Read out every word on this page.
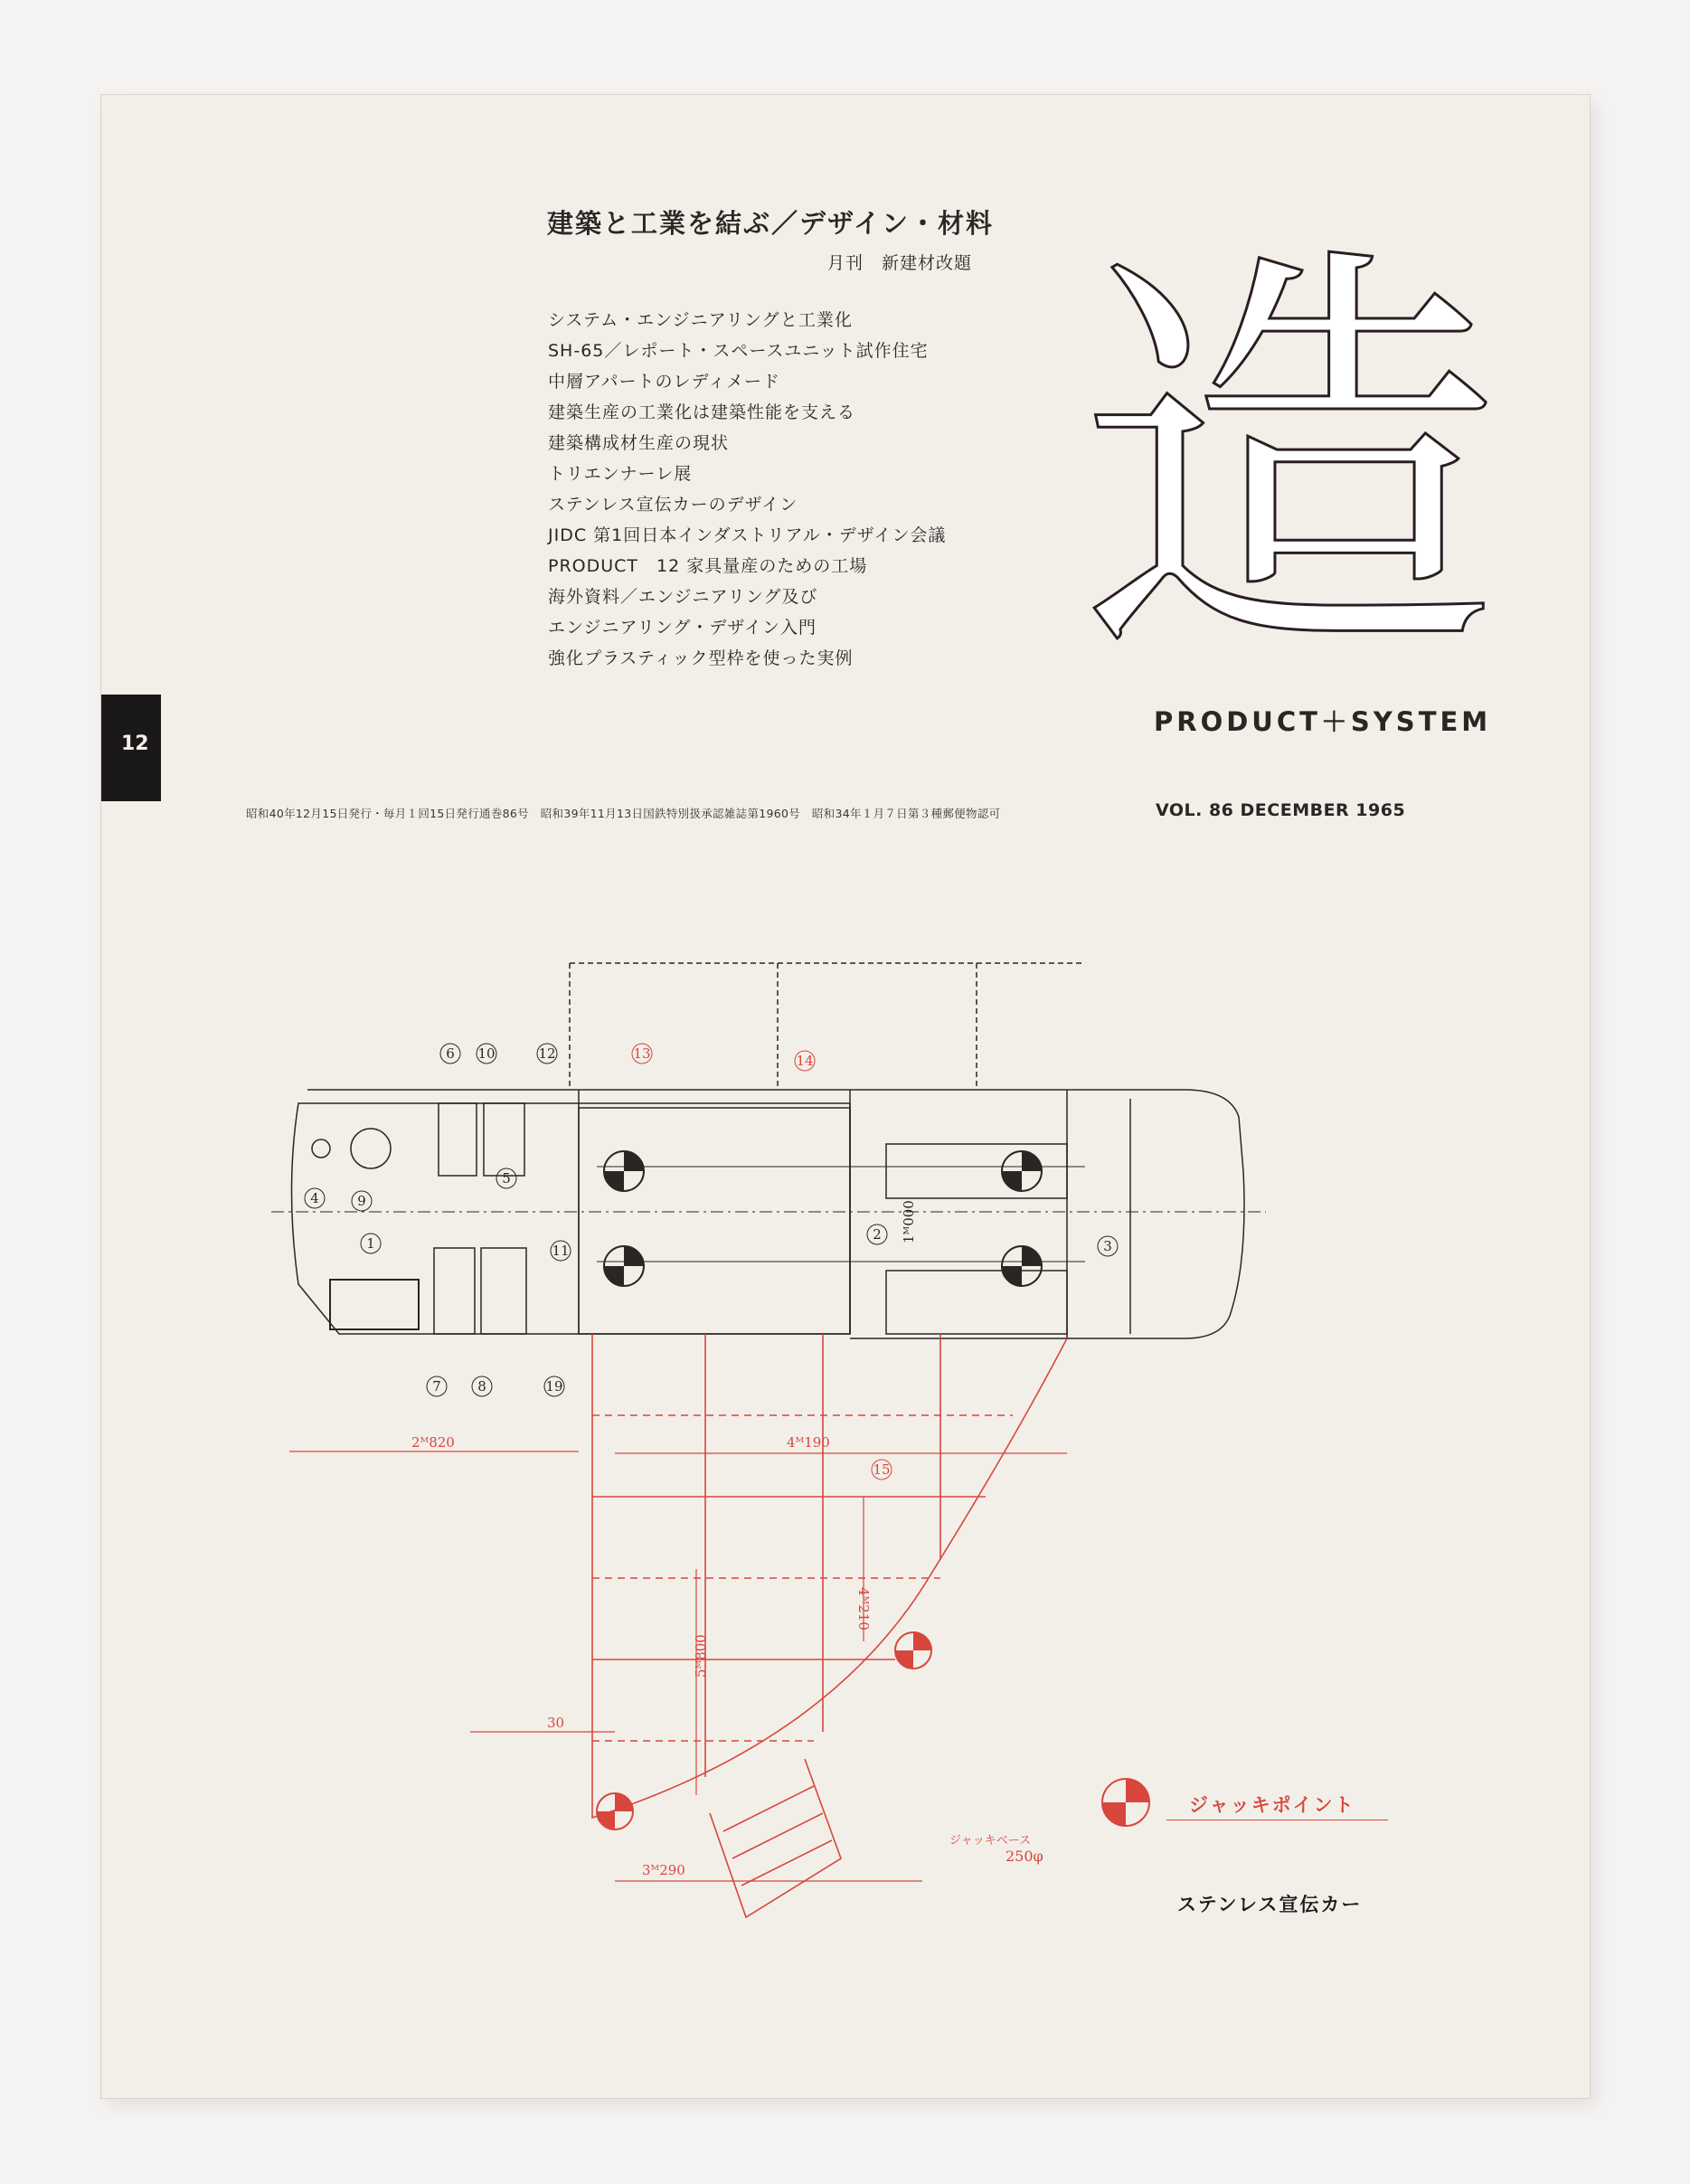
建築と工業を結ぶ／デザイン・材料
月刊　新建材改題
システム・エンジニアリングと工業化
SH-65／レポート・スペースユニット試作住宅
中層アパートのレディメード
建築生産の工業化は建築性能を支える
建築構成材生産の現状
トリエンナーレ展
ステンレス宣伝カーのデザイン
JIDC 第1回日本インダストリアル・デザイン会議
PRODUCT　12 家具量産のための工場
海外資料／エンジニアリング及び
エンジニアリング・デザイン入門
強化プラスティック型枠を使った実例 造
PRODUCT＋SYSTEM
12
昭和40年12月15日発行・毎月１回15日発行通巻86号　昭和39年11月13日国鉄特別扱承認雑誌第1960号　昭和34年１月７日第３種郵便物認可	VOL. 86 DECEMBER 1965
2ᴹ820	4ᴹ190
1ᴹ000
5ᴹ800
4ᴹ210
3ᴹ290
30
1
2
3
4
5
6
7	8
9
10
11
12	13	14
15
19
ジャッキポイント
ジャッキベース
250φ
ステンレス宣伝カー
